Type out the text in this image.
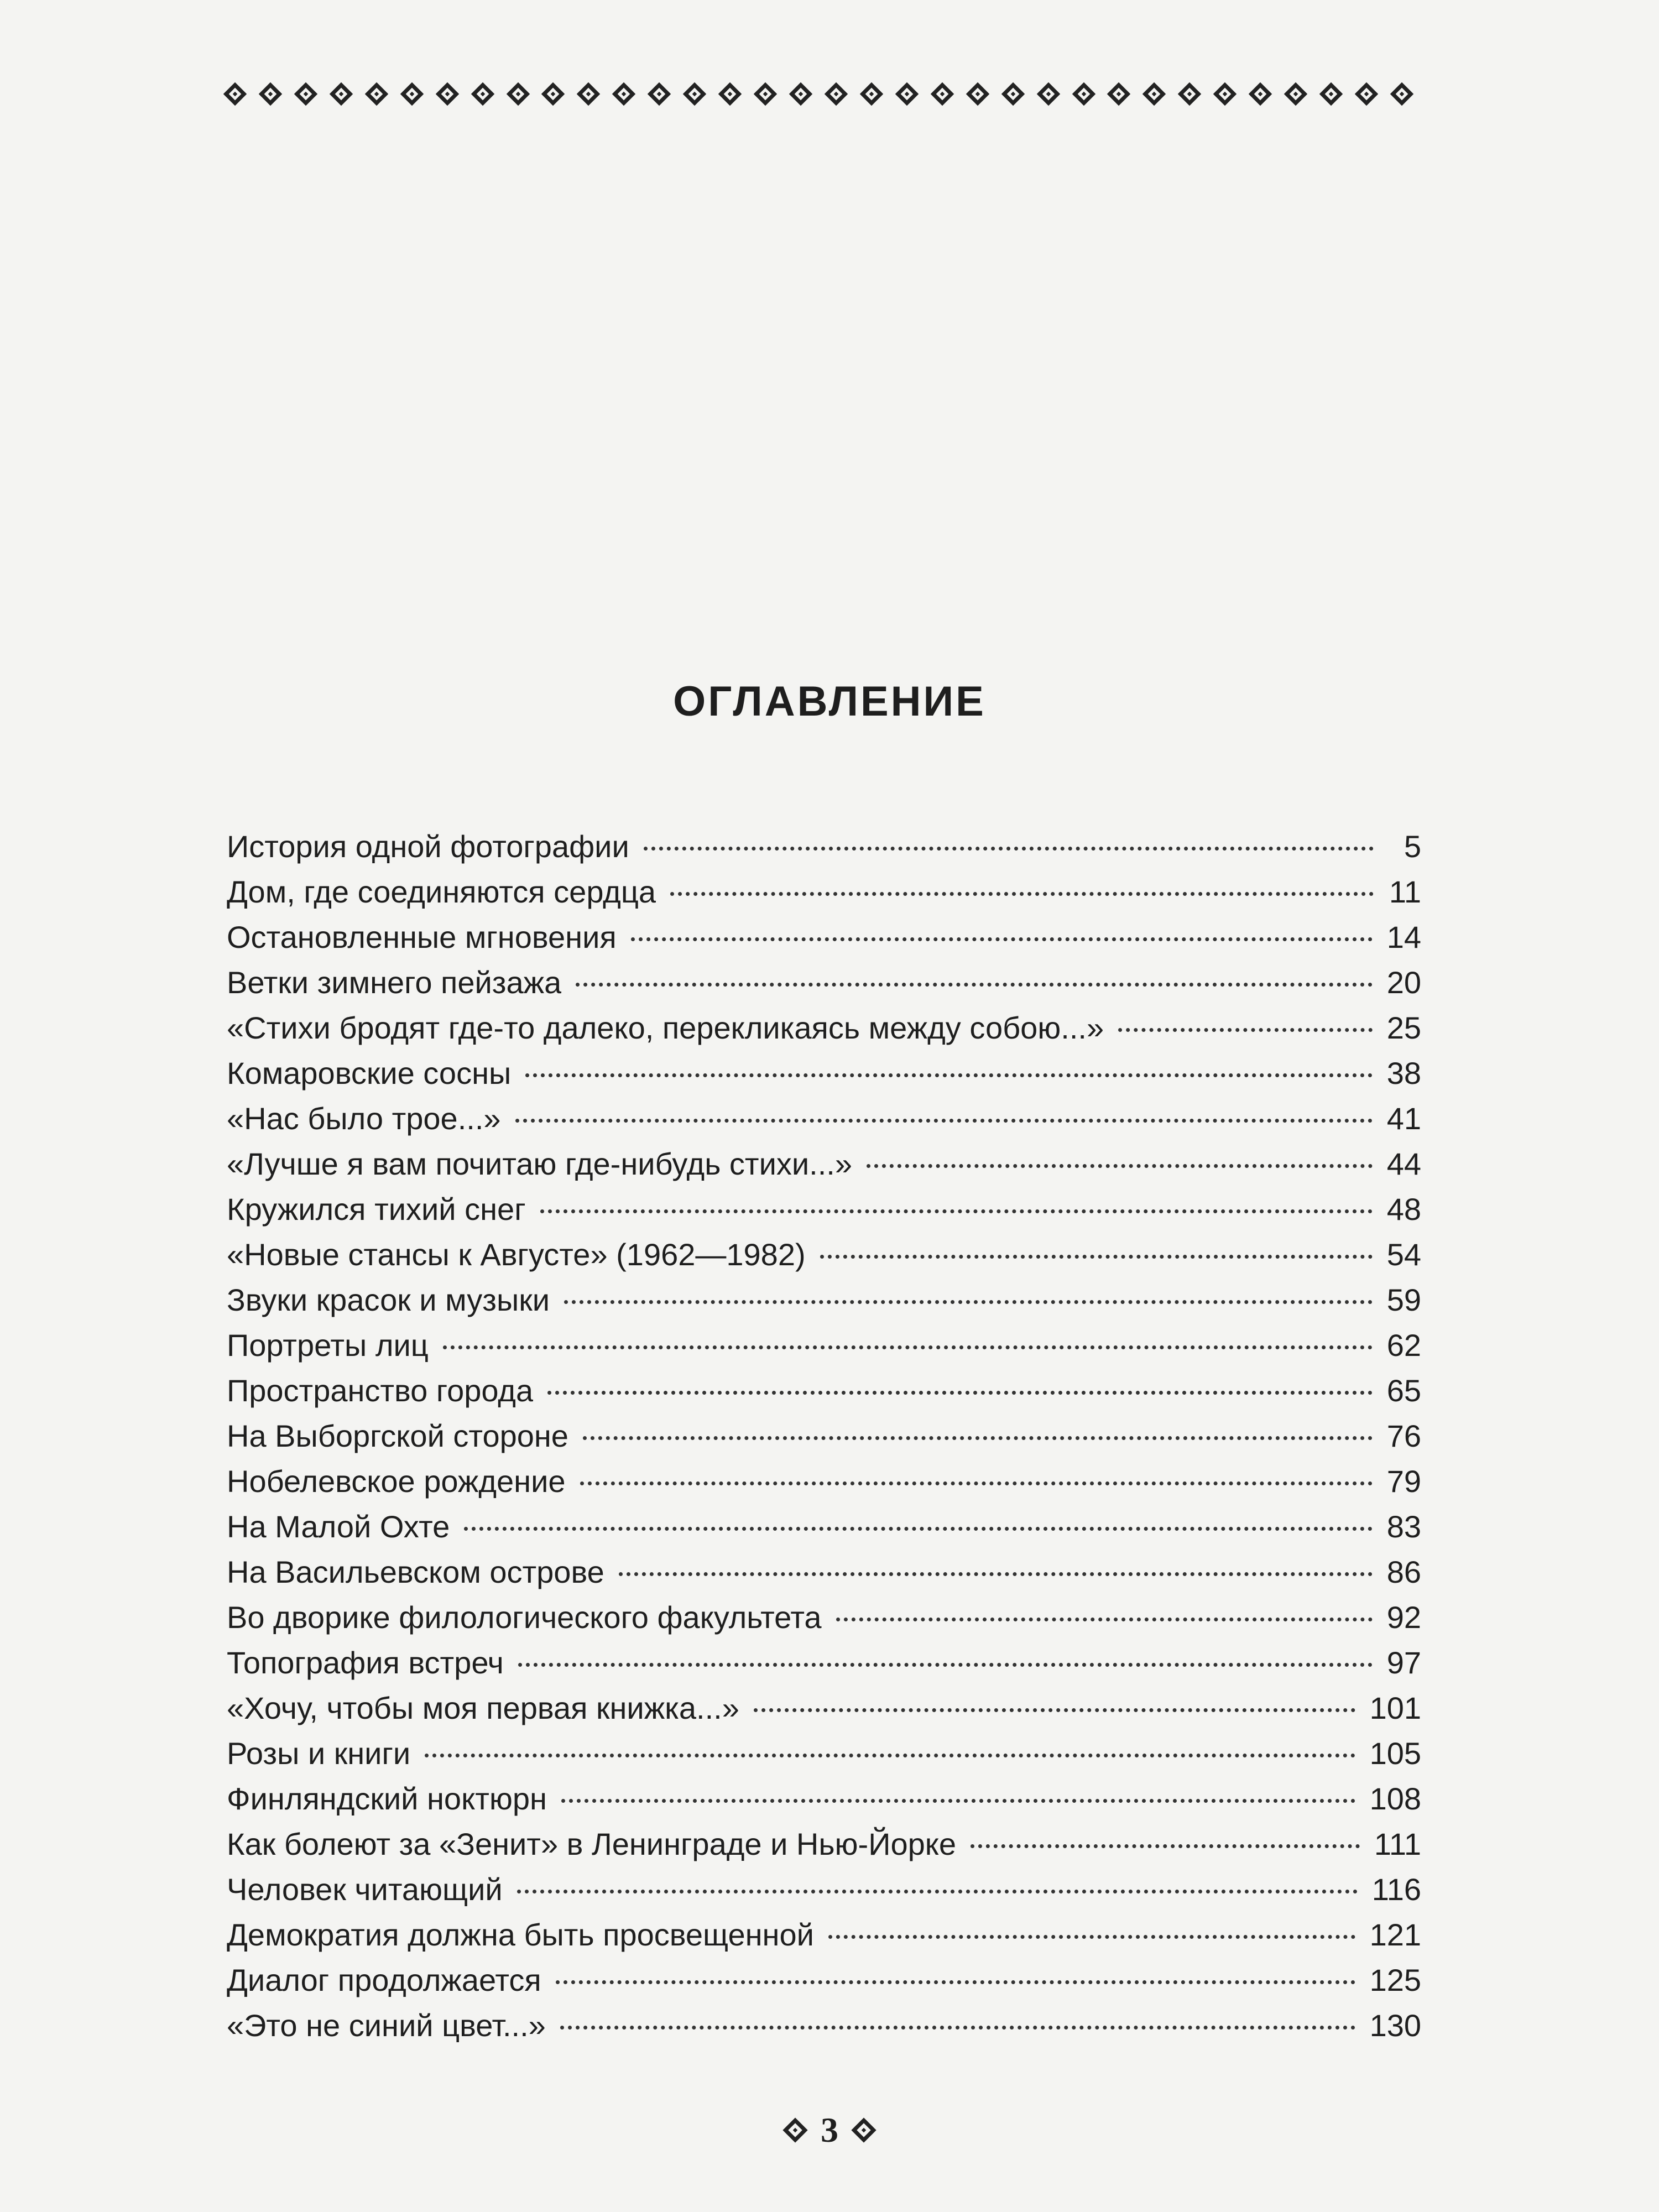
ОГЛАВЛЕНИЕ
История одной фотографии	5
Дом, где соединяются сердца	11
Остановленные мгновения	14
Ветки зимнего пейзажа	20
«Стихи бродят где-то далеко, перекликаясь между собою...»	25
Комаровские сосны	38
«Нас было трое...»	41
«Лучше я вам почитаю где-нибудь стихи...»	44
Кружился тихий снег	48
«Новые стансы к Августе» (1962—1982)	54
Звуки красок и музыки	59
Портреты лиц	62
Пространство города	65
На Выборгской стороне	76
Нобелевское рождение	79
На Малой Охте	83
На Васильевском острове	86
Во дворике филологического факультета	92
Топография встреч	97
«Хочу, чтобы моя первая книжка...»	101
Розы и книги	105
Финляндский ноктюрн	108
Как болеют за «Зенит» в Ленинграде и Нью-Йорке	111
Человек читающий	116
Демократия должна быть просвещенной	121
Диалог продолжается	125
«Это не синий цвет...»	130
3
